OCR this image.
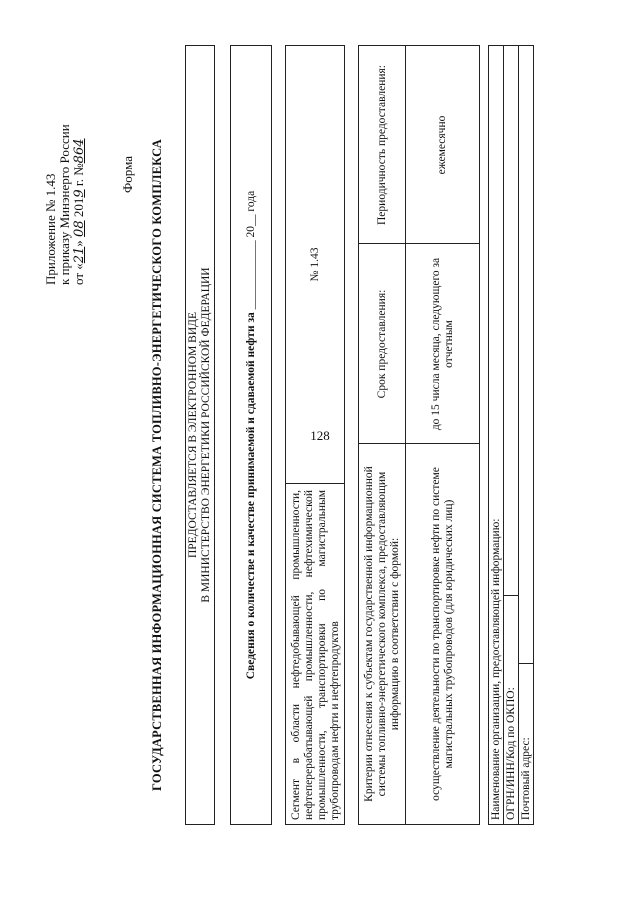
128
Приложение № 1.43 к приказу Минэнерго России от «21» 08 2019 г. №864
Форма ГОСУДАРСТВЕННАЯ ИНФОРМАЦИОННАЯ СИСТЕМА ТОПЛИВНО-ЭНЕРГЕТИЧЕСКОГО КОМПЛЕКСА ПРЕДОСТАВЛЯЕТСЯ В ЭЛЕКТРОННОМ ВИДЕ В МИНИСТЕРСТВО ЭНЕРГЕТИКИ РОССИЙСКОЙ ФЕДЕРАЦИИ	Сведения о количестве и качестве принимаемой и сдаваемой нефти за

____________

20__ года
Сегмент в области нефтедобывающей промышленности, нефтеперерабатывающей промышленности, нефтехимической промышленности, транспортировки по магистральным трубопроводам нефти и нефтепродуктов
№ 1.43
Критерии отнесения к субъектам государственной информационной системы топливно-энергетического комплекса, предоставляющим информацию в соответствии с формой:
Срок предоставления:
Периодичность предоставления:
осуществление деятельности по транспортировке нефти по системе магистральных трубопроводов (для юридических лиц)
до 15 числа месяца, следующего за отчетным
ежемесячно
Наименование организации, предоставляющей информацию: ОГРН/ИНН/Код по ОКПО: Почтовый адрес:
